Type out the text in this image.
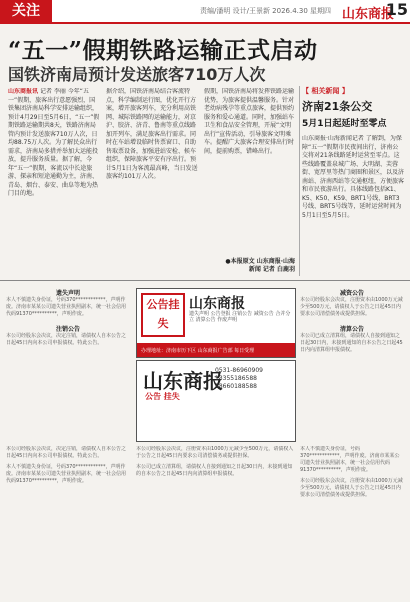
关注	责编/潘明 设计/王景新 2026.4.30 星期四 山东商报
15
“五一”假期铁路运输正式启动
国铁济南局预计发送旅客710万人次
山东商报讯 记者 李丽 今年“五一”假期，旅客出行意愿强烈，国铁集团济南局科学安排运输组织，预计4月29日至5月6日，“五一”假期铁路运输期共8天，铁路济南局管内预计发送旅客710万人次，日均88.75万人次。为了解民众出行需求，济南局多措并举加大运能投放，提升服务质量。据了解，今年“五一”假期，客流以中长途旅游、探亲和短途通勤为主，济南、青岛、烟台、泰安、曲阜等地为热门目的地。
据介绍，国铁济南局结合客流特点，科学编制运行图，优化开行方案，增开旅客列车，充分利用高铁网、城际铁路网的运输能力，对京沪、胶济、济青、鲁南等重点线路加开列车，满足旅客出行需求。同时在车站增设临时售票窗口、自助售取票设备，加强进站安检、候车组织，保障旅客平安有序出行。预计5月1日为客流最高峰，当日发送旅客约101万人次。
假期，国铁济南局将发挥铁路运输优势，为旅客提供温馨服务。针对老幼病残孕等重点旅客，提供预约服务和爱心通道。同时，加强站车卫生和食品安全管理，开展“文明出行”宣传活动，引导旅客文明乘车。提醒广大旅客合理安排出行时间，提前购票，错峰出行。
●本报原文 山东商报·山海新闻 记者 白鹿羽
【 相关新闻 】
济南21条公交
5月1日起延时至零点
山东商报·山海新闻记者 了解到，为保障“五一”假期市民夜间出行，济南公交将对21条线路延时运营至零点。这些线路覆盖泉城广场、大明湖、芙蓉街、宽厚里等热门商圈和景区，以及济南站、济南西站等交通枢纽，方便旅客和市民夜游出行。具体线路包括K1、K5、K50、K59、BRT1号线、BRT3号线、BRT5号线等，延时运营时间为5月1日至5月5日。
遗失声明
本人不慎遗失身份证，号码370************，声明作废。济南市某某公司遗失营业执照副本，统一社会信用代码91370**********，声明作废。
注销公告
本公司经股东会决议，决定注销，请债权人自本公告之日起45日内向本公司申报债权。特此公告。
公告挂失
山东商报
遗失声明 公告登报 注销公告 减资公告 合并分立 清算公告 作废声明
办理地址：济南市历下区 山东商报广告部 每日受理
山东商报
公告 挂失
0531-86960909 13355186588 18660188588
减资公告
本公司经股东会决议，注册资本由1000万元减少至500万元，请债权人于公告之日起45日内要求公司清偿债务或提供担保。
清算公告
本公司已成立清算组，请债权人自接到通知之日起30日内，未接到通知的自本公告之日起45日内向清算组申报债权。
本公司经股东会决议，决定注销，请债权人自本公告之日起45日内向本公司申报债权。特此公告。
本人不慎遗失身份证，号码370************，声明作废。济南市某某公司遗失营业执照副本，统一社会信用代码91370**********，声明作废。
本公司经股东会决议，注册资本由1000万元减少至500万元，请债权人于公告之日起45日内要求公司清偿债务或提供担保。
本公司已成立清算组，请债权人自接到通知之日起30日内，未接到通知的自本公告之日起45日内向清算组申报债权。
本人不慎遗失身份证，号码370************，声明作废。济南市某某公司遗失营业执照副本，统一社会信用代码91370**********，声明作废。
本公司经股东会决议，注册资本由1000万元减少至500万元，请债权人于公告之日起45日内要求公司清偿债务或提供担保。
